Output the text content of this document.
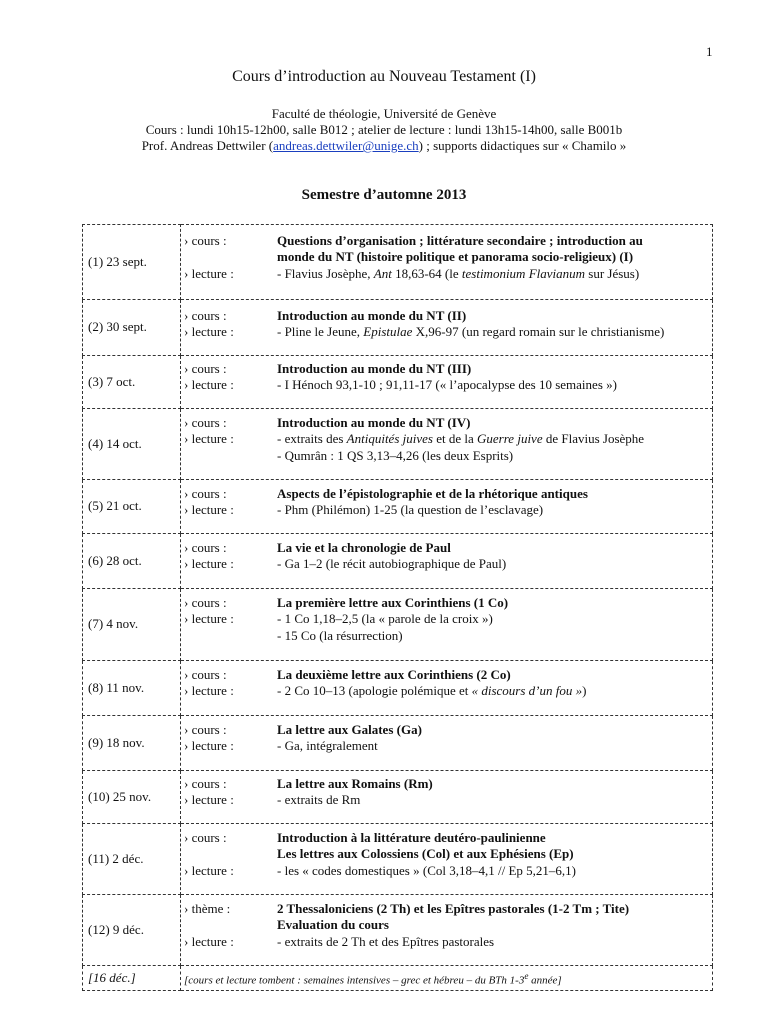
1
Cours d’introduction au Nouveau Testament (I)
Faculté de théologie, Université de Genève
Cours : lundi 10h15-12h00, salle B012 ; atelier de lecture : lundi 13h15-14h00, salle B001b
Prof. Andreas Dettwiler (andreas.dettwiler@unige.ch) ; supports didactiques sur « Chamilo »
Semestre d’automne 2013
(1) 23 sept.	› cours : Questions d’organisation ; littérature secondaire ; introduction au
monde du NT (histoire politique et panorama socio-religieux) (I)
› lecture : - Flavius Josèphe, Ant 18,63-64 (le testimonium Flavianum sur Jésus)

(2) 30 sept.	› cours : Introduction au monde du NT (II)
› lecture : - Pline le Jeune, Epistulae X,96-97 (un regard romain sur le christianisme)

(3) 7 oct.	› cours : Introduction au monde du NT (III)
› lecture : - I Hénoch 93,1-10 ; 91,11-17 (« l’apocalypse des 10 semaines »)

(4) 14 oct.	› cours : Introduction au monde du NT (IV)
› lecture : - extraits des Antiquités juives et de la Guerre juive de Flavius Josèphe
- Qumrân : 1 QS 3,13–4,26 (les deux Esprits)

(5) 21 oct.	› cours : Aspects de l’épistolographie et de la rhétorique antiques
› lecture : - Phm (Philémon) 1-25 (la question de l’esclavage)

(6) 28 oct.	› cours : La vie et la chronologie de Paul
› lecture : - Ga 1–2 (le récit autobiographique de Paul)

(7) 4 nov.	› cours : La première lettre aux Corinthiens (1 Co)
› lecture : - 1 Co 1,18–2,5 (la « parole de la croix »)
- 15 Co (la résurrection)

(8) 11 nov.	› cours : La deuxième lettre aux Corinthiens (2 Co)
› lecture : - 2 Co 10–13 (apologie polémique et « discours d’un fou »)

(9) 18 nov.	› cours : La lettre aux Galates (Ga)
› lecture : - Ga, intégralement

(10) 25 nov.	› cours : La lettre aux Romains (Rm)
› lecture : - extraits de Rm

(11) 2 déc.	› cours : Introduction à la littérature deutéro-paulinienne
Les lettres aux Colossiens (Col) et aux Ephésiens (Ep)
› lecture : - les « codes domestiques » (Col 3,18–4,1 // Ep 5,21–6,1)

(12) 9 déc.	› thème : 2 Thessaloniciens (2 Th) et les Epîtres pastorales (1-2 Tm ; Tite)
Evaluation du cours
› lecture : - extraits de 2 Th et des Epîtres pastorales

[16 déc.]	[cours et lecture tombent : semaines intensives – grec et hébreu – du BTh 1-3e année]
